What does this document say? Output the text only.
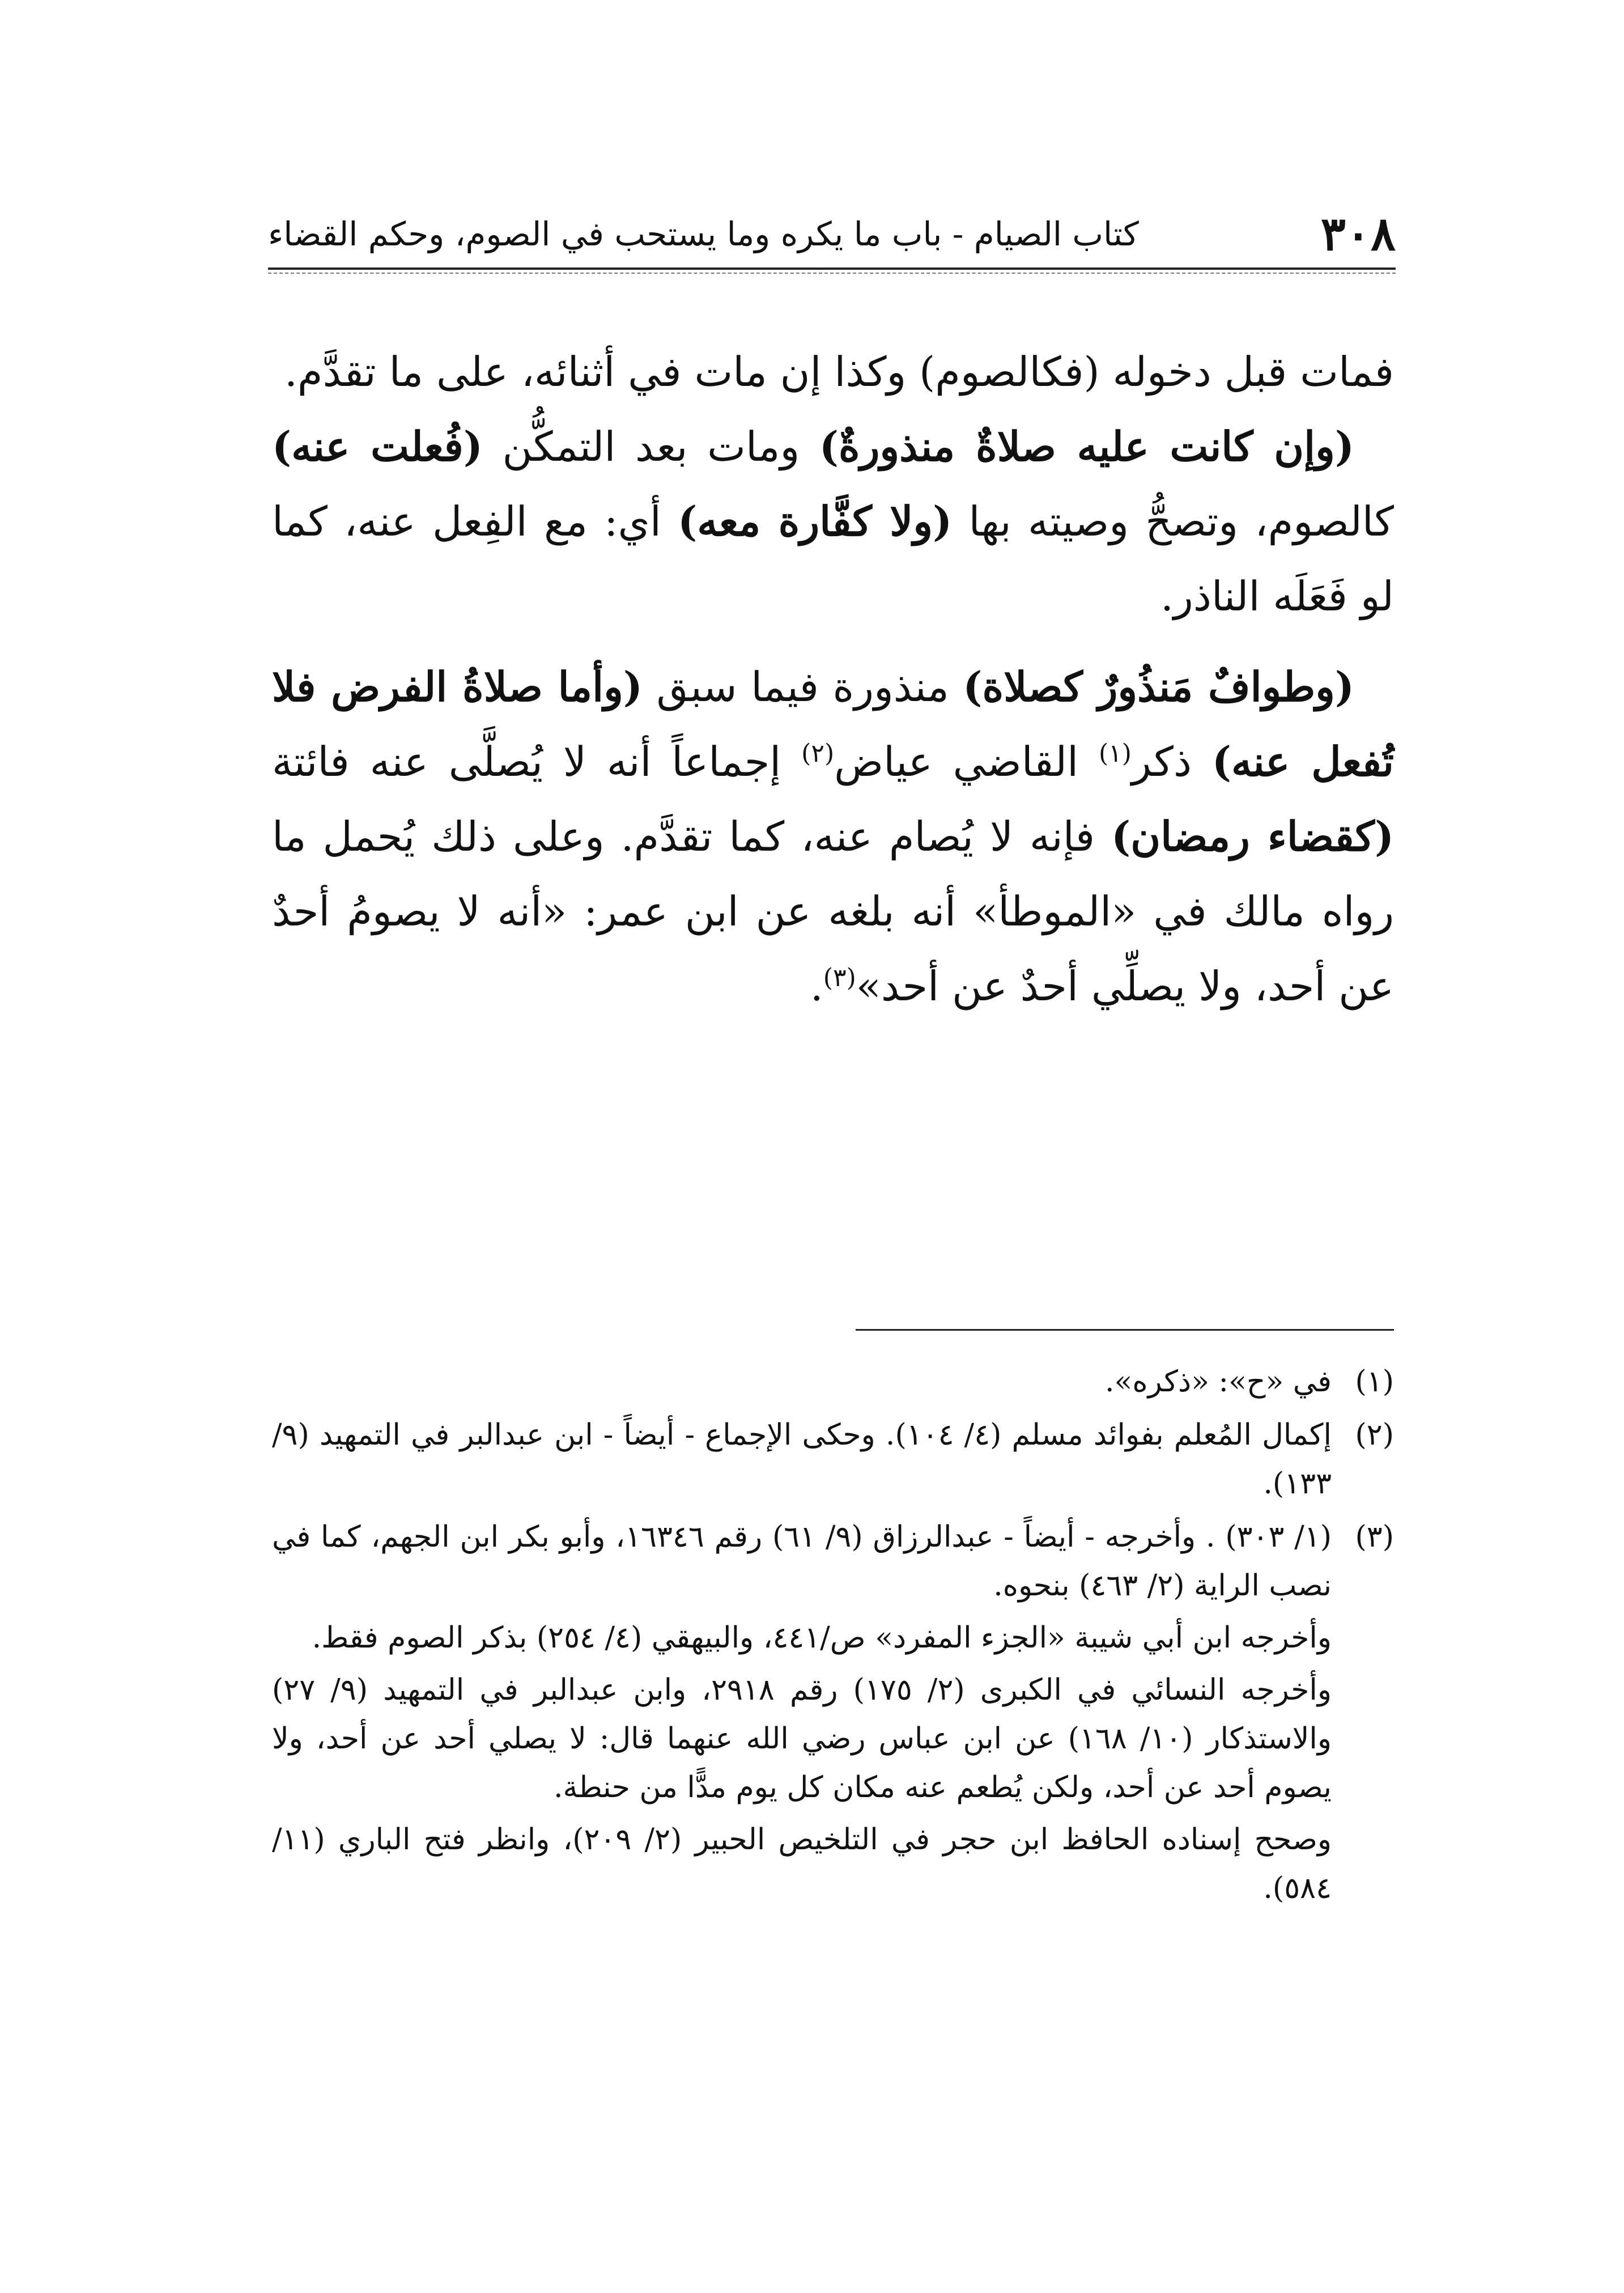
٣٠٨
كتاب الصيام - باب ما يكره وما يستحب في الصوم، وحكم القضاء

فمات قبل دخوله (فكالصوم) وكذا إن مات في أثنائه، على ما تقدَّم.

(وإن كانت عليه صلاةٌ منذورةٌ) ومات بعد التمكُّن (فُعلت عنه) كالصوم، وتصحُّ وصيته بها (ولا كفَّارة معه) أي: مع الفِعل عنه، كما لو فَعَلَه الناذر.

(وطوافٌ مَنذُورٌ كصلاة) منذورة فيما سبق (وأما صلاةُ الفرض فلا تُفعل عنه) ذكر$^{(١)}$ القاضي عياض$^{(٢)}$ إجماعاً أنه لا يُصلَّى عنه فائتة (كقضاء رمضان) فإنه لا يُصام عنه، كما تقدَّم. وعلى ذلك يُحمل ما رواه مالك في «الموطأ» أنه بلغه عن ابن عمر: «أنه لا يصومُ أحدٌ عن أحد، ولا يصلِّي أحدٌ عن أحد»$^{(٣)}$.

(١)

في «ح»: «ذكره».

(٢)

إكمال المُعلم بفوائد مسلم (٤/ ١٠٤). وحكى الإجماع - أيضاً - ابن عبدالبر في التمهيد (٩/ ١٣٣).

(٣)

(١/ ٣٠٣) . وأخرجه - أيضاً - عبدالرزاق (٩/ ٦١) رقم ١٦٣٤٦، وأبو بكر ابن الجهم، كما في نصب الراية (٢/ ٤٦٣) بنحوه.

وأخرجه ابن أبي شيبة «الجزء المفرد» ص/٤٤١، والبيهقي (٤/ ٢٥٤) بذكر الصوم فقط.

وأخرجه النسائي في الكبرى (٢/ ١٧٥) رقم ٢٩١٨، وابن عبدالبر في التمهيد (٩/ ٢٧) والاستذكار (١٠/ ١٦٨) عن ابن عباس رضي الله عنهما قال: لا يصلي أحد عن أحد، ولا يصوم أحد عن أحد، ولكن يُطعم عنه مكان كل يوم مدًّا من حنطة.

وصحح إسناده الحافظ ابن حجر في التلخيص الحبير (٢/ ٢٠٩)، وانظر فتح الباري (١١/ ٥٨٤).
